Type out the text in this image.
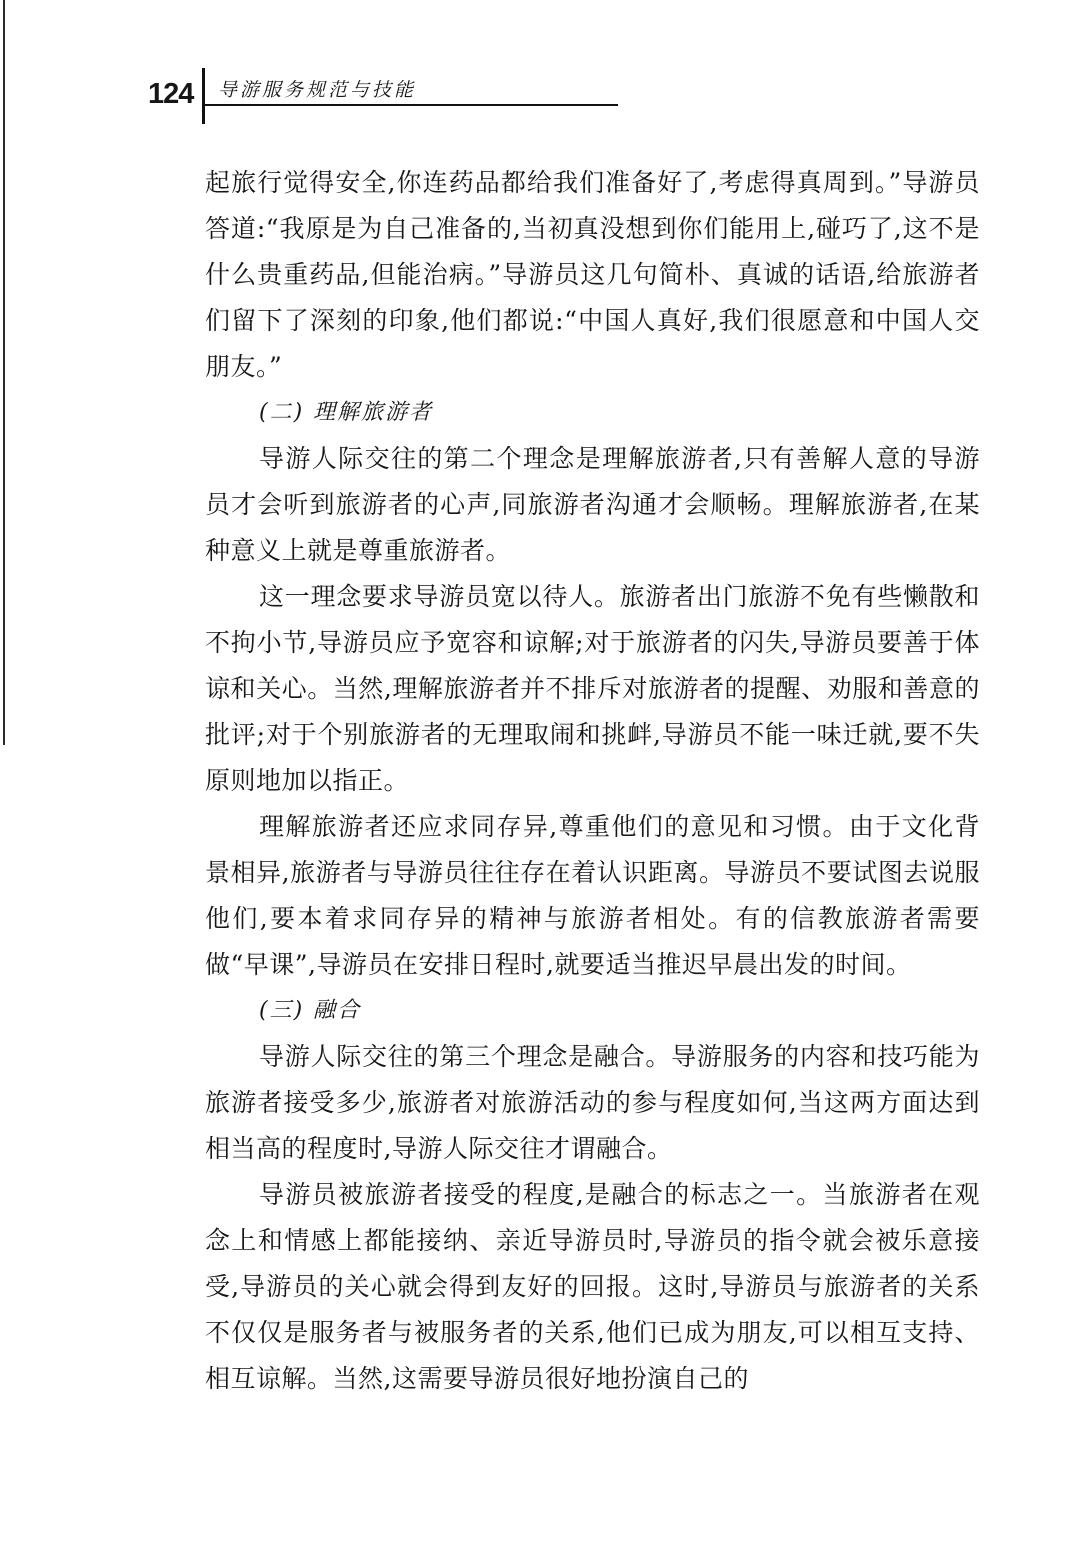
124 导游服务规范与技能

起旅行觉得安全,你连药品都给我们准备好了,考虑得真周到。”导游员答道:“我原是为自己准备的,当初真没想到你们能用上,碰巧了,这不是什么贵重药品,但能治病。”导游员这几句简朴、真诚的话语,给旅游者们留下了深刻的印象,他们都说:“中国人真好,我们很愿意和中国人交朋友。”

(二) 理解旅游者

导游人际交往的第二个理念是理解旅游者,只有善解人意的导游员才会听到旅游者的心声,同旅游者沟通才会顺畅。理解旅游者,在某种意义上就是尊重旅游者。

这一理念要求导游员宽以待人。旅游者出门旅游不免有些懒散和不拘小节,导游员应予宽容和谅解;对于旅游者的闪失,导游员要善于体谅和关心。当然,理解旅游者并不排斥对旅游者的提醒、劝服和善意的批评;对于个别旅游者的无理取闹和挑衅,导游员不能一味迁就,要不失原则地加以指正。

理解旅游者还应求同存异,尊重他们的意见和习惯。由于文化背景相异,旅游者与导游员往往存在着认识距离。导游员不要试图去说服他们,要本着求同存异的精神与旅游者相处。有的信教旅游者需要做“早课”,导游员在安排日程时,就要适当推迟早晨出发的时间。

(三) 融合

导游人际交往的第三个理念是融合。导游服务的内容和技巧能为旅游者接受多少,旅游者对旅游活动的参与程度如何,当这两方面达到相当高的程度时,导游人际交往才谓融合。

导游员被旅游者接受的程度,是融合的标志之一。当旅游者在观念上和情感上都能接纳、亲近导游员时,导游员的指令就会被乐意接受,导游员的关心就会得到友好的回报。这时,导游员与旅游者的关系不仅仅是服务者与被服务者的关系,他们已成为朋友,可以相互支持、相互谅解。当然,这需要导游员很好地扮演自己的
